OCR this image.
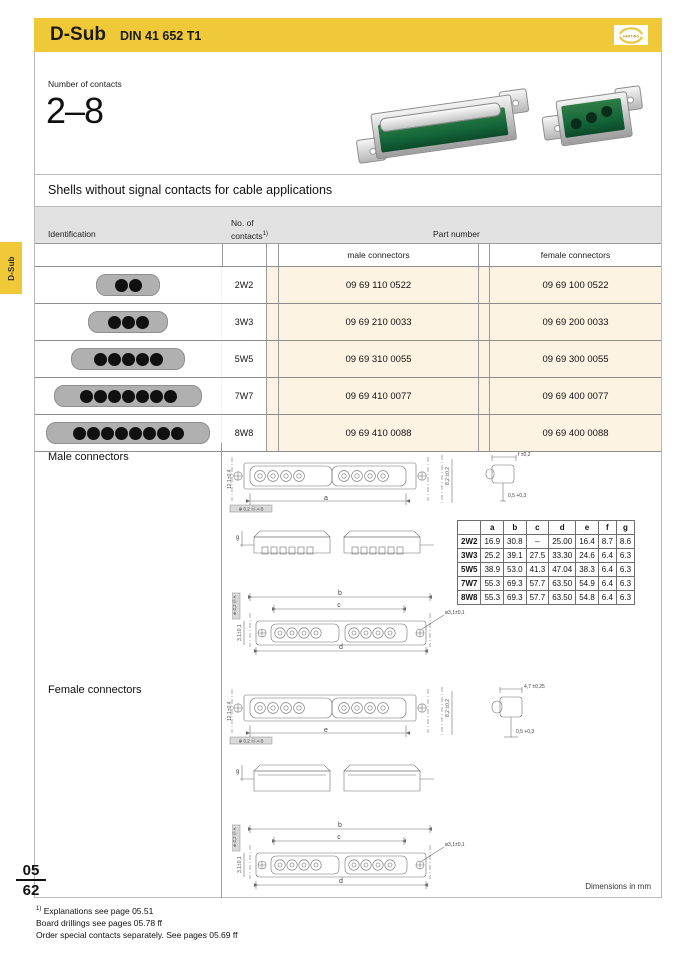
D-Sub
D-Sub DIN 41 652 T1	HARTING
Number of contacts
2–8
Shells without signal contacts for cable applications
Identification
No. of
contacts$^{1)}$	Part number
male connectors	female connectors
2W2	09 69 110 0522	09 69 100 0522
3W3	09 69 210 0033	09 69 200 0033
5W5	09 69 310 0055	09 69 300 0055
7W7	09 69 410 0077	09 69 400 0077
8W8	09 69 410 0088	09 69 400 0088
Male connectors
Female connectors
a
12,1±0,4
⊕ 0,2 ⓜ A B
8,2 ±0,2
f ±0,2
0,5 +0,3
	a	b	c	d	e	f	g
2W2	16.9	30.8	–	25.00	16.4	8.7	8.6
3W3	25.2	39.1	27.5	33.30	24.6	6.4	6.3
5W5	38.9	53.0	41.3	47.04	38.3	6.4	6.3
7W7	55.3	69.3	57.7	63.50	54.9	6.4	6.3
8W8	55.3	69.3	57.7	63.50	54.8	6.4	6.3
g
b
c
d
ø3,1±0,1
3,1±0,1
⊕ 0,2 ⓜ A
e
12,1±0,4
⊕ 0,2 ⓜ A B
8,2 ±0,2
4,7 ±0,25
0,5 +0,3
g
b
c
d
ø3,1±0,1
3,1±0,1
⊕ 0,2 ⓜ A
Dimensions in mm
05
62
$^{1)}$ Explanations see page 05.51
Board drillings see pages 05.78 ff
Order special contacts separately. See pages 05.69 ff
